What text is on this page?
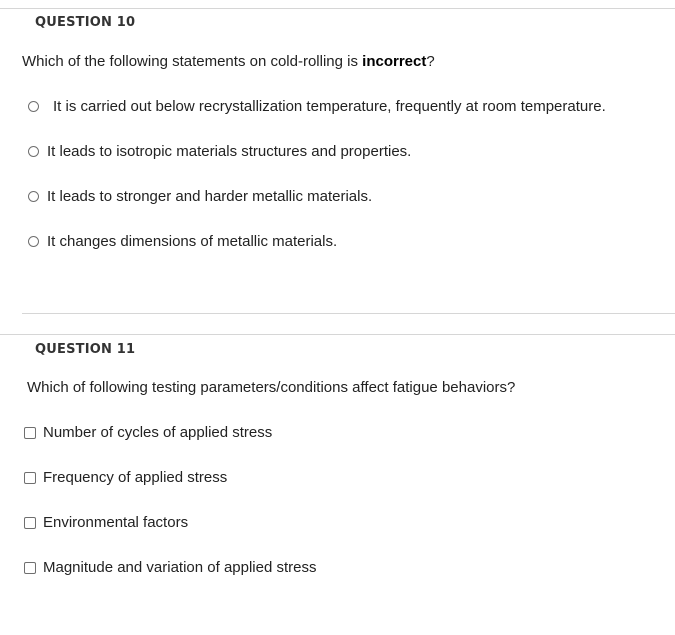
QUESTION 10
Which of the following statements on cold-rolling is incorrect?
It is carried out below recrystallization temperature, frequently at room temperature.
It leads to isotropic materials structures and properties.
It leads to stronger and harder metallic materials.
It changes dimensions of metallic materials.
QUESTION 11
Which of following testing parameters/conditions affect fatigue behaviors?
Number of cycles of applied stress
Frequency of applied stress
Environmental factors
Magnitude and variation of applied stress
